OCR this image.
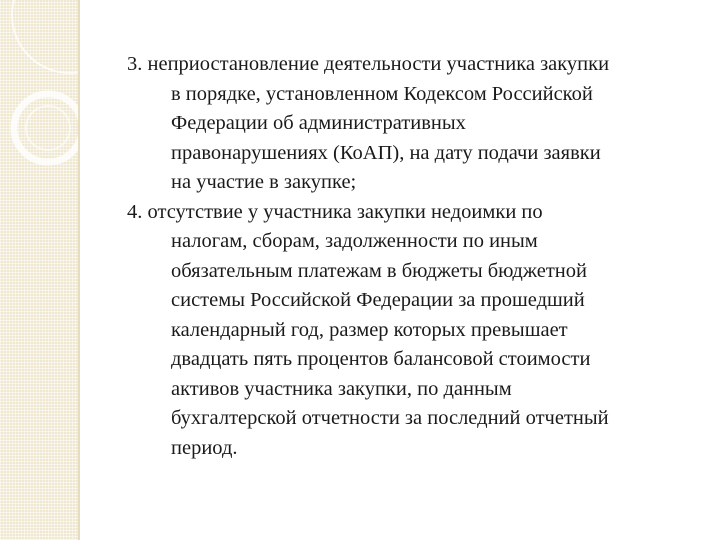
3. неприостановление деятельности участника закупки
в порядке, установленном Кодексом Российской
Федерации об административных
правонарушениях (КоАП), на дату подачи заявки
на участие в закупке;

4. отсутствие у участника закупки недоимки по
налогам, сборам, задолженности по иным
обязательным платежам в бюджеты бюджетной
системы Российской Федерации за прошедший
календарный год, размер которых превышает
двадцать пять процентов балансовой стоимости
активов участника закупки, по данным
бухгалтерской отчетности за последний отчетный
период.
